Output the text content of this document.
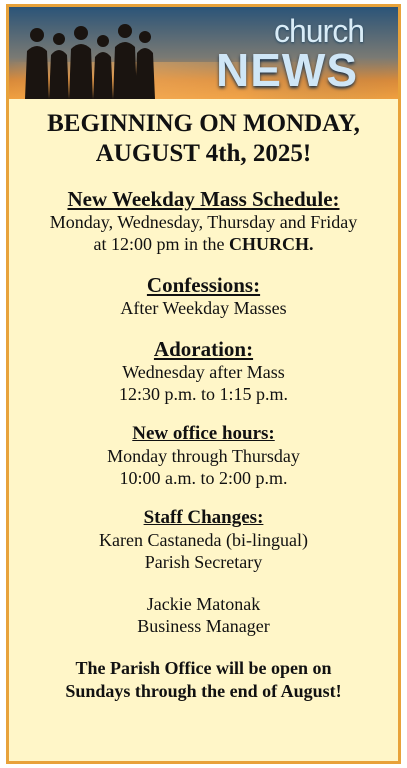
church
NEWS
BEGINNING ON MONDAY,
AUGUST 4th, 2025!
New Weekday Mass Schedule:
Monday, Wednesday, Thursday and Friday
at 12:00 pm in the CHURCH.
Confessions:
After Weekday Masses
Adoration:
Wednesday after Mass
12:30 p.m. to 1:15 p.m.
New office hours:
Monday through Thursday
10:00 a.m. to 2:00 p.m.
Staff Changes:
Karen Castaneda (bi-lingual)
Parish Secretary
Jackie Matonak
Business Manager
The Parish Office will be open on
Sundays through the end of August!
